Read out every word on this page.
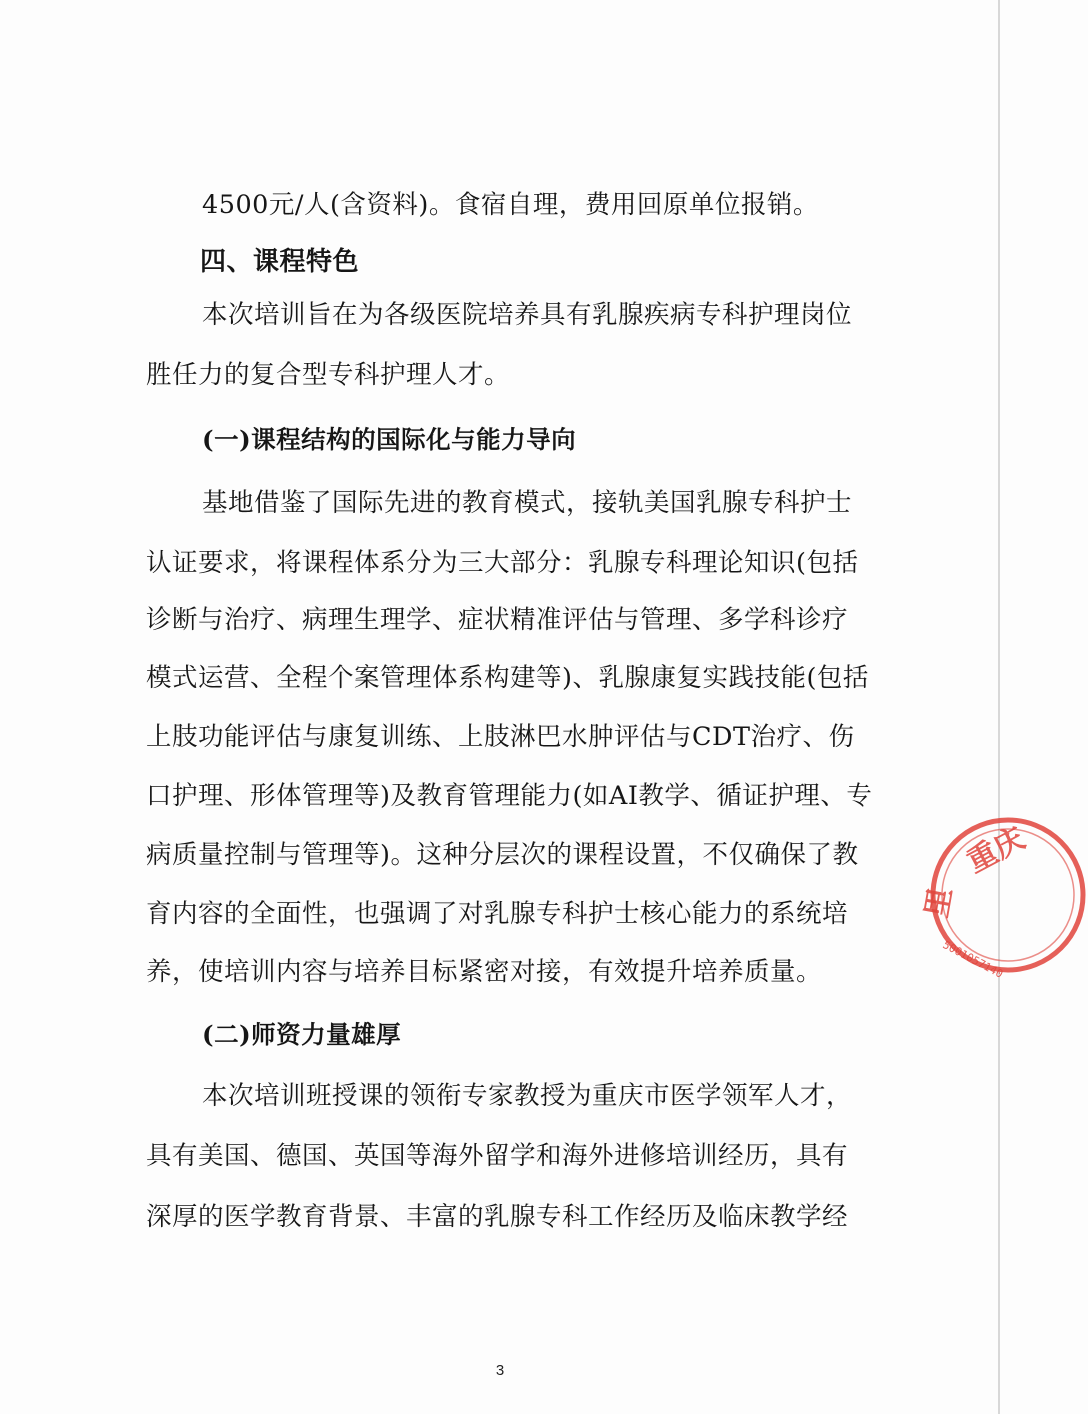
4500元/人(含资料)。食宿自理，费用回原单位报销。
四、课程特色
本次培训旨在为各级医院培养具有乳腺疾病专科护理岗位
胜任力的复合型专科护理人才。
(一)课程结构的国际化与能力导向
基地借鉴了国际先进的教育模式，接轨美国乳腺专科护士
认证要求，将课程体系分为三大部分：乳腺专科理论知识(包括
诊断与治疗、病理生理学、症状精准评估与管理、多学科诊疗
模式运营、全程个案管理体系构建等)、乳腺康复实践技能(包括
上肢功能评估与康复训练、上肢淋巴水肿评估与CDT治疗、伤
口护理、形体管理等)及教育管理能力(如AI教学、循证护理、专
病质量控制与管理等)。这种分层次的课程设置，不仅确保了教
育内容的全面性，也强调了对乳腺专科护士核心能力的系统培
养，使培训内容与培养目标紧密对接，有效提升培养质量。
(二)师资力量雄厚
本次培训班授课的领衔专家教授为重庆市医学领军人才，
具有美国、德国、英国等海外留学和海外进修培训经历，具有
深厚的医学教育背景、丰富的乳腺专科工作经历及临床教学经
3
重庆
里
5001057140
